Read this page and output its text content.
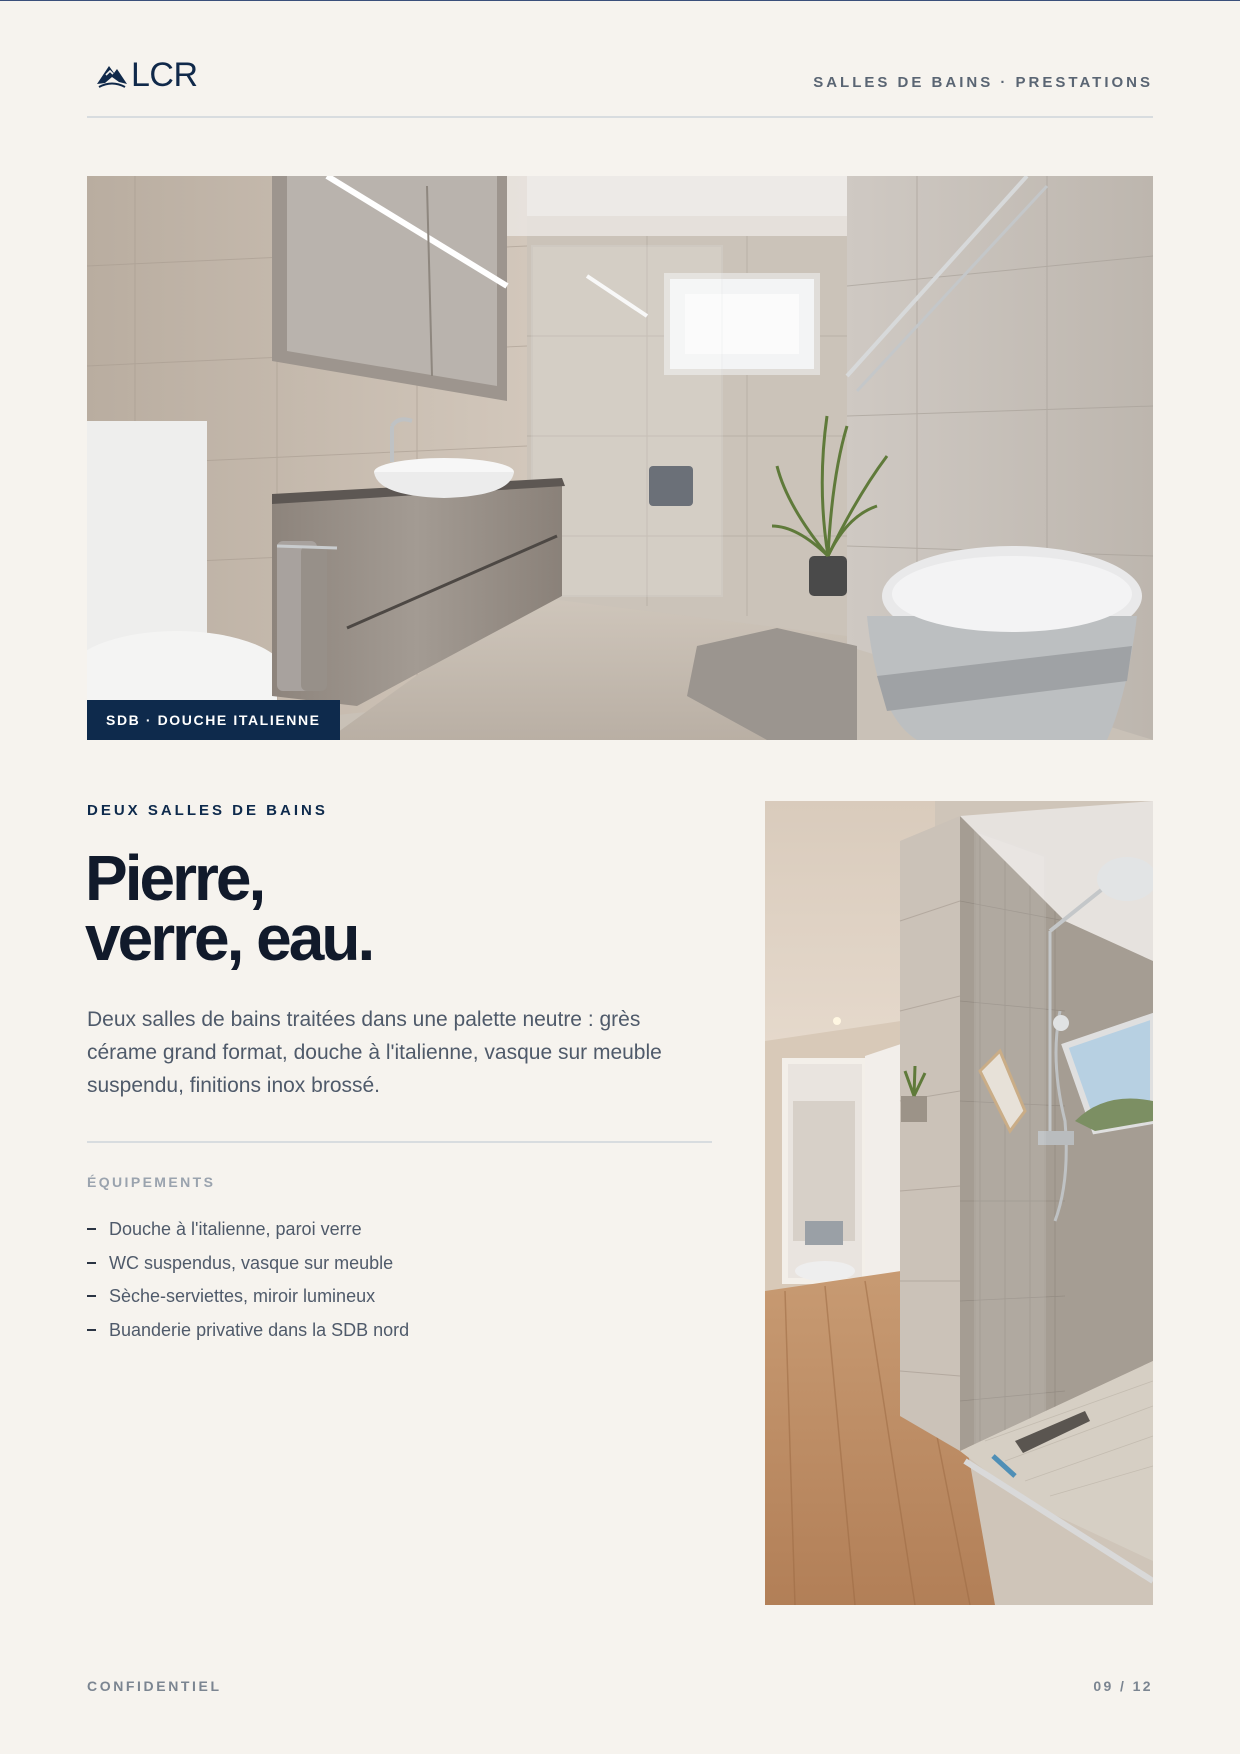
LCR	SALLES DE BAINS · PRESTATIONS
SDB · DOUCHE ITALIENNE
DEUX SALLES DE BAINS
Pierre,
verre, eau.

Deux salles de bains traitées dans une palette neutre : grès cérame grand format, douche à l'italienne, vasque sur meuble suspendu, finitions inox brossé.

ÉQUIPEMENTS
Douche à l'italienne, paroi verre
WC suspendus, vasque sur meuble
Sèche-serviettes, miroir lumineux
Buanderie privative dans la SDB nord
CONFIDENTIEL	09 / 12
